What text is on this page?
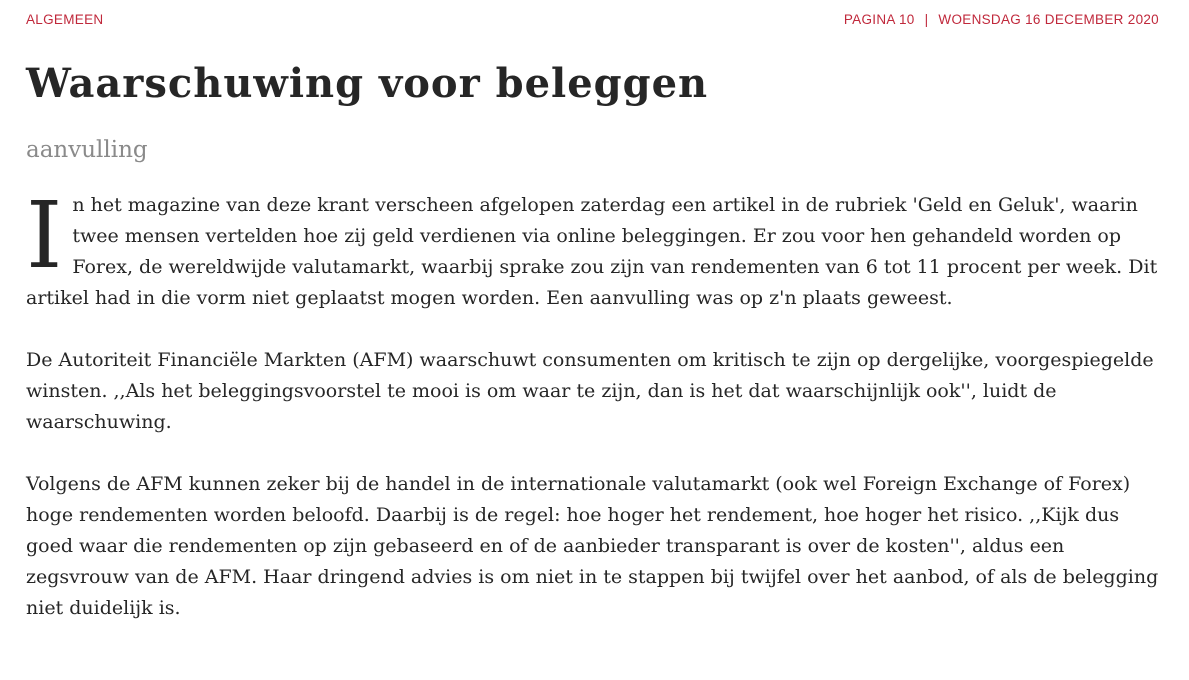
ALGEMEEN	PAGINA 10 | WOENSDAG 16 DECEMBER 2020
Waarschuwing voor beleggen
aanvulling

In het magazine van deze krant verscheen afgelopen zaterdag een artikel in de rubriek 'Geld en Geluk', waarin twee mensen vertelden hoe zij geld verdienen via online beleggingen. Er zou voor hen gehandeld worden op Forex, de wereldwijde valutamarkt, waarbij sprake zou zijn van rendementen van 6 tot 11 procent per week. Dit artikel had in die vorm niet geplaatst mogen worden. Een aanvulling was op z'n plaats geweest.

De Autoriteit Financiële Markten (AFM) waarschuwt consumenten om kritisch te zijn op dergelijke, voorgespiegelde winsten. ,,Als het beleggingsvoorstel te mooi is om waar te zijn, dan is het dat waarschijnlijk ook'', luidt de waarschuwing.

Volgens de AFM kunnen zeker bij de handel in de internationale valutamarkt (ook wel Foreign Exchange of Forex) hoge rendementen worden beloofd. Daarbij is de regel: hoe hoger het rendement, hoe hoger het risico. ,,Kijk dus goed waar die rendementen op zijn gebaseerd en of de aanbieder transparant is over de kosten'', aldus een zegsvrouw van de AFM. Haar dringend advies is om niet in te stappen bij twijfel over het aanbod, of als de belegging niet duidelijk is.
